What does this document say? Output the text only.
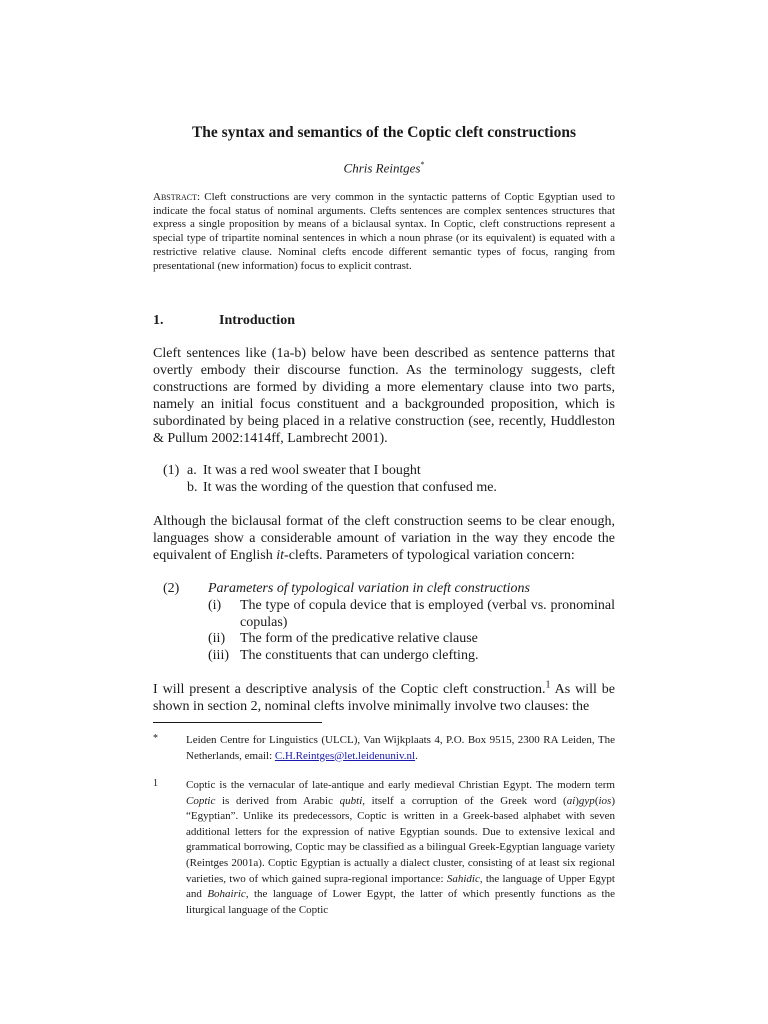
The syntax and semantics of the Coptic cleft constructions
Chris Reintges*
Abstract: Cleft constructions are very common in the syntactic patterns of Coptic Egyptian used to indicate the focal status of nominal arguments. Clefts sentences are complex sentences structures that express a single proposition by means of a biclausal syntax. In Coptic, cleft constructions represent a special type of tripartite nominal sentences in which a noun phrase (or its equivalent) is equated with a restrictive relative clause. Nominal clefts encode different semantic types of focus, ranging from presentational (new information) focus to explicit contrast.
1.	Introduction
Cleft sentences like (1a-b) below have been described as sentence patterns that overtly embody their discourse function. As the terminology suggests, cleft constructions are formed by dividing a more elementary clause into two parts, namely an initial focus constituent and a backgrounded proposition, which is subordinated by being placed in a relative construction (see, recently, Huddleston & Pullum 2002:1414ff, Lambrecht 2001).
(1) a. It was a red wool sweater that I bought
b. It was the wording of the question that confused me.
Although the biclausal format of the cleft construction seems to be clear enough, languages show a considerable amount of variation in the way they encode the equivalent of English it-clefts. Parameters of typological variation concern:
(2) Parameters of typological variation in cleft constructions
(i) The type of copula device that is employed (verbal vs. pronominal copulas)
(ii) The form of the predicative relative clause
(iii) The constituents that can undergo clefting.
I will present a descriptive analysis of the Coptic cleft construction.$^1$ As will be shown in section 2, nominal clefts involve minimally involve two clauses: the
*	Leiden Centre for Linguistics (ULCL), Van Wijkplaats 4, P.O. Box 9515, 2300 RA Leiden, The Netherlands, email: C.H.Reintges@let.leidenuniv.nl.
1	Coptic is the vernacular of late-antique and early medieval Christian Egypt. The modern term Coptic is derived from Arabic qubti, itself a corruption of the Greek word (ai)gyp(ios) “Egyptian”. Unlike its predecessors, Coptic is written in a Greek-based alphabet with seven additional letters for the expression of native Egyptian sounds. Due to extensive lexical and grammatical borrowing, Coptic may be classified as a bilingual Greek-Egyptian language variety (Reintges 2001a). Coptic Egyptian is actually a dialect cluster, consisting of at least six regional varieties, two of which gained supra-regional importance: Sahidic, the language of Upper Egypt and Bohairic, the language of Lower Egypt, the latter of which presently functions as the liturgical language of the Coptic
